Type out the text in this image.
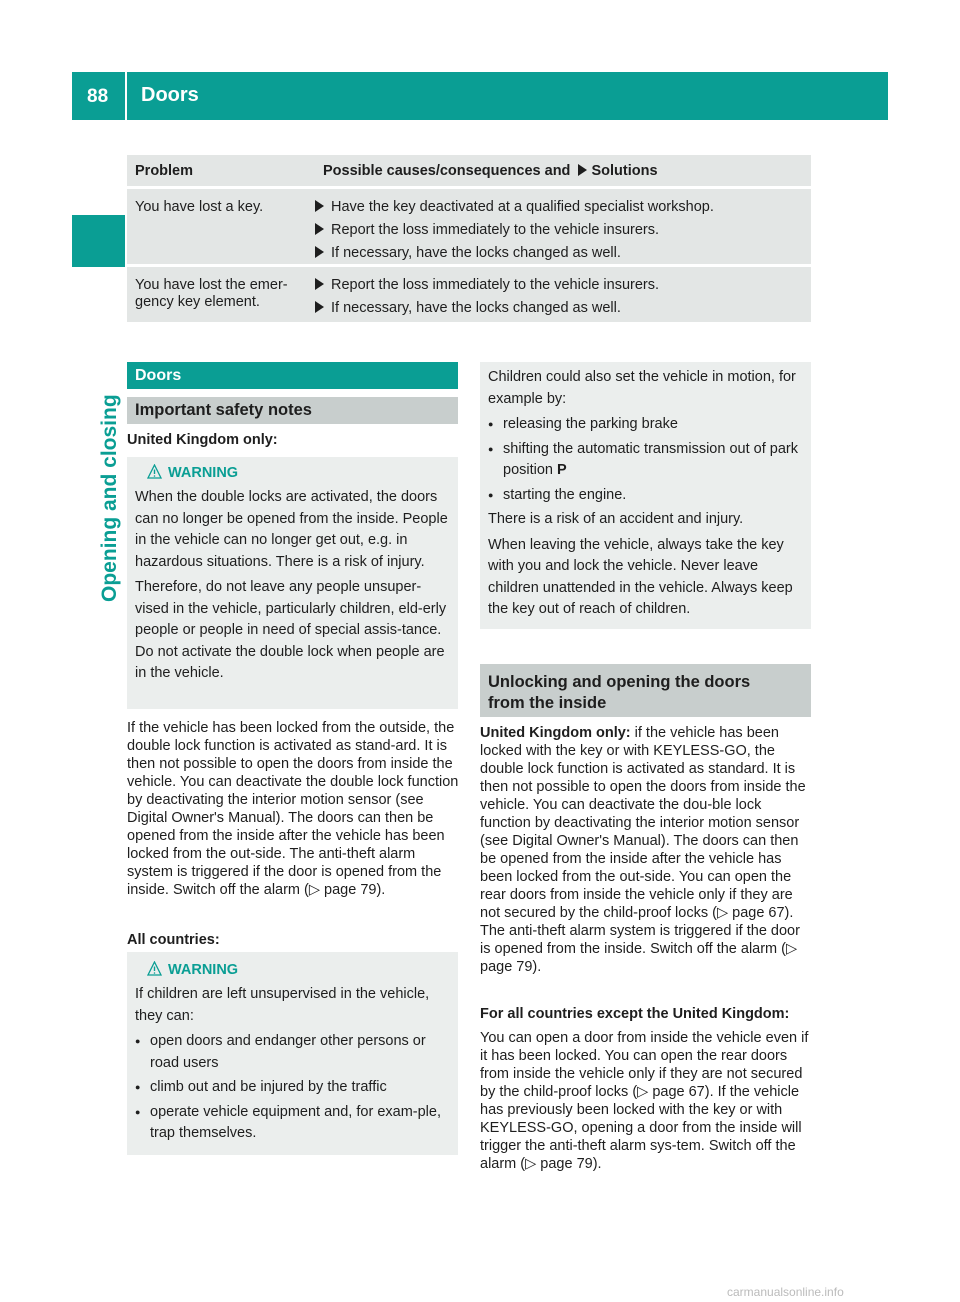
88 Doors
Opening and closing
Problem	Possible causes/consequences and Solutions
You have lost a key.	Have the key deactivated at a qualified specialist workshop.
Report the loss immediately to the vehicle insurers.
If necessary, have the locks changed as well.
You have lost the emer-gency key element.
Report the loss immediately to the vehicle insurers.
If necessary, have the locks changed as well.
Doors
Important safety notes
United Kingdom only:
WARNING

When the double locks are activated, the doors can no longer be opened from the inside. People in the vehicle can no longer get out, e.g. in hazardous situations. There is a risk of injury.

Therefore, do not leave any people unsuper-vised in the vehicle, particularly children, eld-erly people or people in need of special assis-tance. Do not activate the double lock when people are in the vehicle.

If the vehicle has been locked from the outside, the double lock function is activated as stand-ard. It is then not possible to open the doors from inside the vehicle. You can deactivate the double lock function by deactivating the interior motion sensor (see Digital Owner's Manual). The doors can then be opened from the inside after the vehicle has been locked from the out-side. The anti-theft alarm system is triggered if the door is opened from the inside. Switch off the alarm (▷ page 79).
All countries:
WARNING

If children are left unsupervised in the vehicle, they can:

● open doors and endanger other persons or road users
● climb out and be injured by the traffic
● operate vehicle equipment and, for exam-ple, trap themselves.

Children could also set the vehicle in motion, for example by:

● releasing the parking brake
● shifting the automatic transmission out of park position P
● starting the engine.

There is a risk of an accident and injury.

When leaving the vehicle, always take the key with you and lock the vehicle. Never leave children unattended in the vehicle. Always keep the key out of reach of children.

Unlocking and opening the doors
from the inside
United Kingdom only: if the vehicle has been locked with the key or with KEYLESS-GO, the double lock function is activated as standard. It is then not possible to open the doors from inside the vehicle. You can deactivate the dou-ble lock function by deactivating the interior motion sensor (see Digital Owner's Manual). The doors can then be opened from the inside after the vehicle has been locked from the out-side. You can open the rear doors from inside the vehicle only if they are not secured by the child-proof locks (▷ page 67). The anti-theft alarm system is triggered if the door is opened from the inside. Switch off the alarm (▷ page 79).
For all countries except the United Kingdom:
You can open a door from inside the vehicle even if it has been locked. You can open the rear doors from inside the vehicle only if they are not secured by the child-proof locks (▷ page 67). If the vehicle has previously been locked with the key or with KEYLESS-GO, opening a door from the inside will trigger the anti-theft alarm sys-tem. Switch off the alarm (▷ page 79).
carmanualsonline.info
